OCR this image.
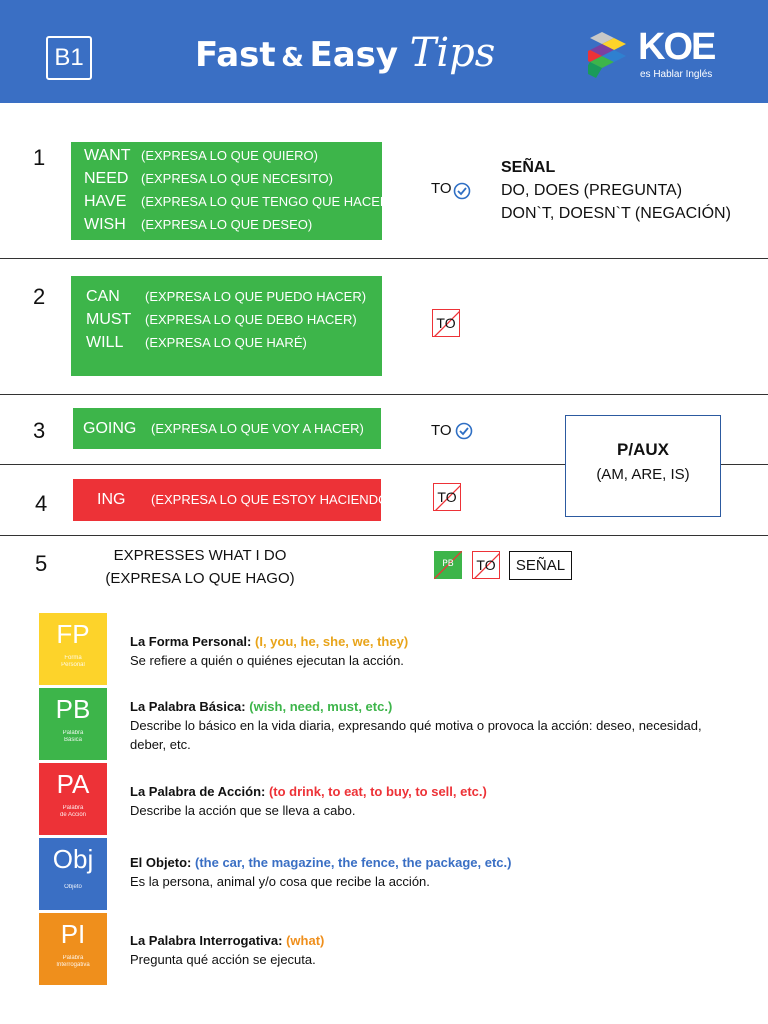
B1	Fast & Easy Tips	KOE
es Hablar Inglés
1 WANT (EXPRESA LO QUE QUIERO)
NEED (EXPRESA LO QUE NECESITO)
HAVE (EXPRESA LO QUE TENGO QUE HACER)
WISH (EXPRESA LO QUE DESEO)
TO
SEÑAL
DO, DOES (PREGUNTA)
DON`T, DOESN`T (NEGACIÓN)
2	CAN (EXPRESA LO QUE PUEDO HACER)
MUST (EXPRESA LO QUE DEBO HACER)
WILL (EXPRESA LO QUE HARÉ)
TO
3 GOING (EXPRESA LO QUE VOY A HACER)	TO
4	ING (EXPRESA LO QUE ESTOY HACIENDO)	TO
P/AUX
(AM, ARE, IS)
5	EXPRESSES WHAT I DO
(EXPRESA LO QUE HAGO)
PB	TO	SEÑAL
FP
Forma
Personal
La Forma Personal: (I, you, he, she, we, they)
Se refiere a quién o quiénes ejecutan la acción.
PB
Palabra
Básica
La Palabra Básica: (wish, need, must, etc.)
Describe lo básico en la vida diaria, expresando qué motiva o provoca la acción: deseo, necesidad, deber, etc.
PA
Palabra
de Acción
La Palabra de Acción: (to drink, to eat, to buy, to sell, etc.)
Describe la acción que se lleva a cabo.
Obj
Objeto
El Objeto: (the car, the magazine, the fence, the package, etc.)
Es la persona, animal y/o cosa que recibe la acción.
PI
Palabra
Interrogativa
La Palabra Interrogativa: (what)
Pregunta qué acción se ejecuta.
